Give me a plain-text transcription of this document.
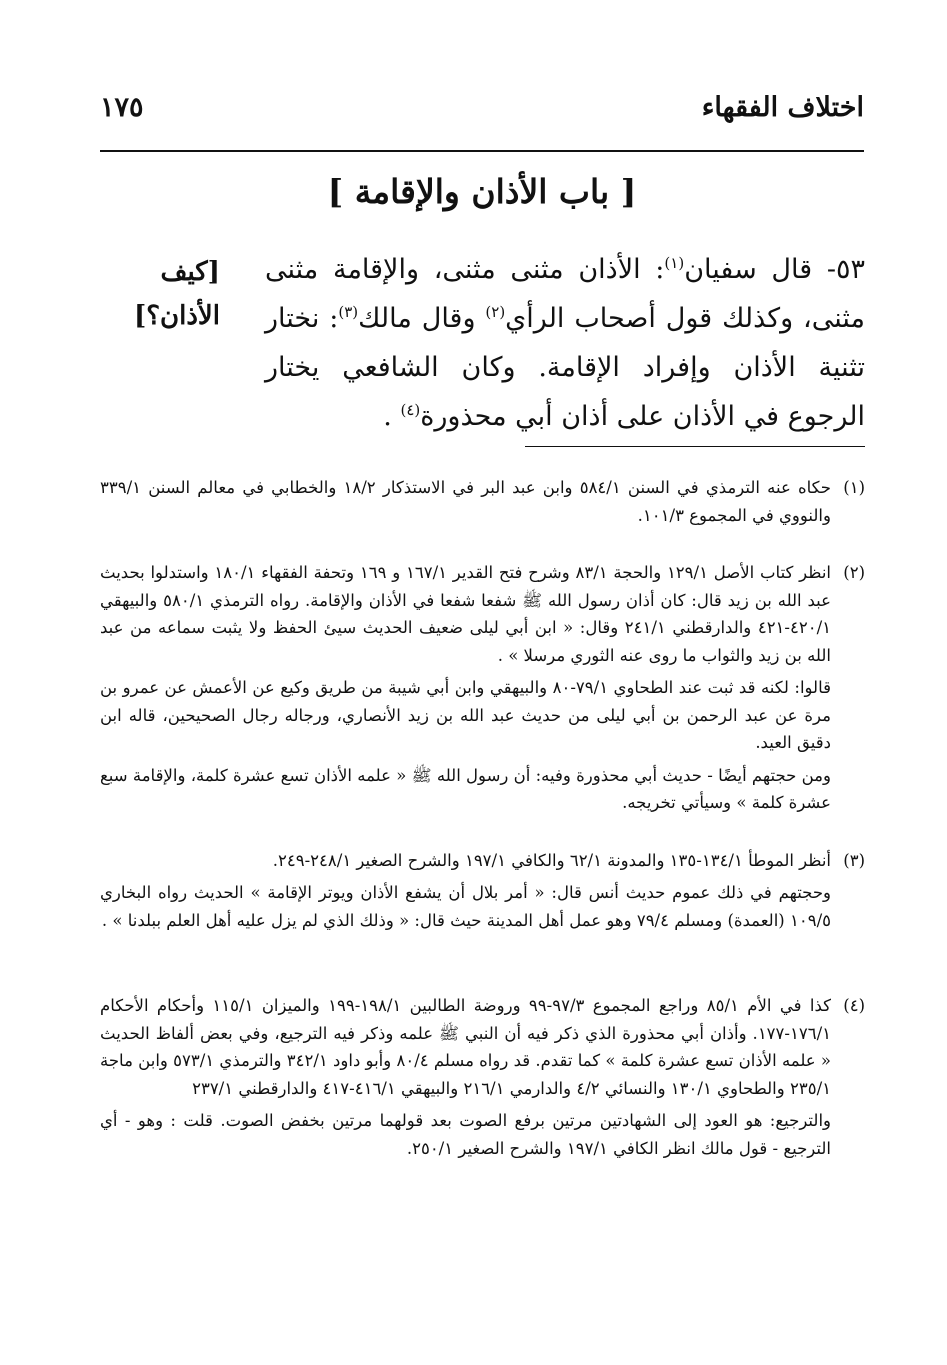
اختلاف الفقهاء
١٧٥
[ باب الأذان والإقامة ]
٥٣- قال سفيان$^{(١)}$: الأذان مثنى مثنى، والإقامة مثنى مثنى، وكذلك قول أصحاب الرأي$^{(٢)}$ وقال مالك$^{(٣)}$: نختار تثنية الأذان وإفراد الإقامة. وكان الشافعي يختار الرجوع في الأذان على أذان أبي محذورة$^{(٤)}$ .
[كيف
الأذان؟]
(١)

حكاه عنه الترمذي في السنن ٥٨٤/١ وابن عبد البر في الاستذكار ١٨/٢ والخطابي في معالم السنن ٣٣٩/١ والنووي في المجموع ١٠١/٣.

(٢)

انظر كتاب الأصل ١٢٩/١ والحجة ٨٣/١ وشرح فتح القدير ١٦٧/١ و ١٦٩ وتحفة الفقهاء ١٨٠/١ واستدلوا بحديث عبد الله بن زيد قال: كان أذان رسول الله ﷺ شفعا شفعا في الأذان والإقامة. رواه الترمذي ٥٨٠/١ والبيهقي ٤٢٠/١-٤٢١ والدارقطني ٢٤١/١ وقال: « ابن أبي ليلى ضعيف الحديث سيئ الحفظ ولا يثبت سماعه من عبد الله بن زيد والثواب ما روى عنه الثوري مرسلا » .

قالوا: لكنه قد ثبت عند الطحاوي ٧٩/١-٨٠ والبيهقي وابن أبي شيبة من طريق وكيع عن الأعمش عن عمرو بن مرة عن عبد الرحمن بن أبي ليلى من حديث عبد الله بن زيد الأنصاري، ورجاله رجال الصحيحين، قاله ابن دقيق العيد.

ومن حجتهم أيضًا - حديث أبي محذورة وفيه: أن رسول الله ﷺ « علمه الأذان تسع عشرة كلمة، والإقامة سبع عشرة كلمة » وسيأتي تخريجه.

(٣)

أنظر الموطأ ١٣٤/١-١٣٥ والمدونة ٦٢/١ والكافي ١٩٧/١ والشرح الصغير ٢٤٨/١-٢٤٩.

وحجتهم في ذلك عموم حديث أنس قال: « أمر بلال أن يشفع الأذان ويوتر الإقامة » الحديث رواه البخاري ١٠٩/٥ (العمدة) ومسلم ٧٩/٤ وهو عمل أهل المدينة حيث قال: « وذلك الذي لم يزل عليه أهل العلم ببلدنا » .

(٤)

كذا في الأم ٨٥/١ وراجع المجموع ٩٧/٣-٩٩ وروضة الطالبين ١٩٨/١-١٩٩ والميزان ١١٥/١ وأحكام الأحكام ١٧٦/١-١٧٧. وأذان أبي محذورة الذي ذكر فيه أن النبي ﷺ علمه وذكر فيه الترجيع، وفي بعض ألفاظ الحديث « علمه الأذان تسع عشرة كلمة » كما تقدم. قد رواه مسلم ٨٠/٤ وأبو داود ٣٤٢/١ والترمذي ٥٧٣/١ وابن ماجة ٢٣٥/١ والطحاوي ١٣٠/١ والنسائي ٤/٢ والدارمي ٢١٦/١ والبيهقي ٤١٦/١-٤١٧ والدارقطني ٢٣٧/١

والترجيع: هو العود إلى الشهادتين مرتين برفع الصوت بعد قولهما مرتين بخفض الصوت. قلت : وهو - أي الترجيع - قول مالك انظر الكافي ١٩٧/١ والشرح الصغير ٢٥٠/١.
